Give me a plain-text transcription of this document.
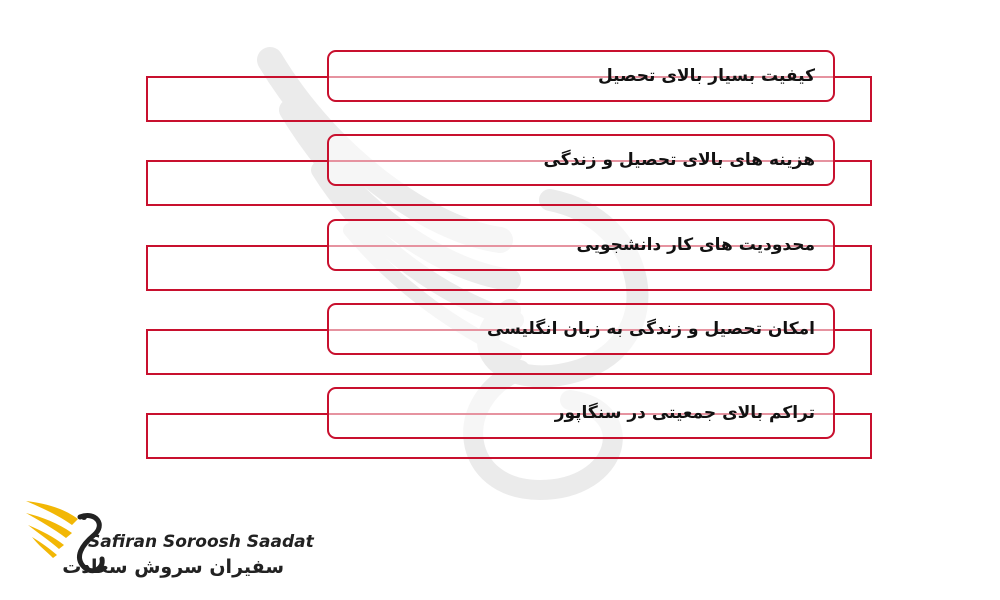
کیفیت بسیار بالای تحصیل
هزینه های بالای تحصیل و زندگی
محدودیت های کار دانشجویی
امکان تحصیل و زندگی به زبان انگلیسی
تراکم بالای جمعیتی در سنگاپور
Safiran Soroosh Saadat
سفیران سروش سعادت
